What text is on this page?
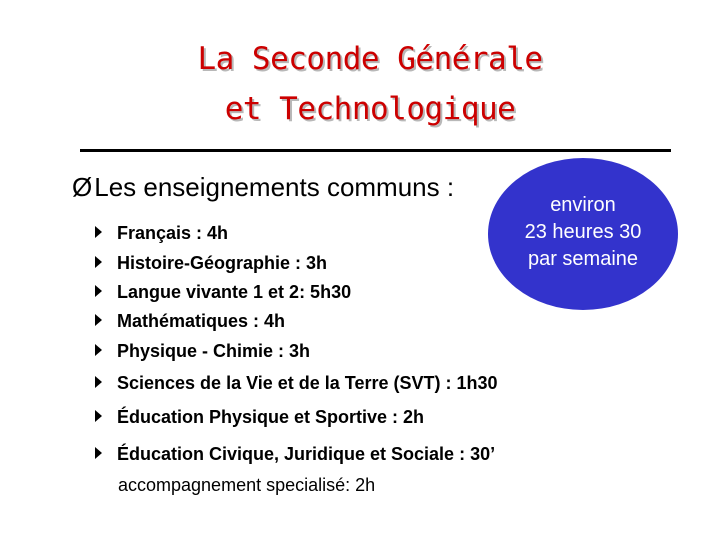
La Seconde Générale
et Technologique
ØLes enseignements communs :
Français : 4h
Histoire-Géographie : 3h
Langue vivante 1 et 2: 5h30
Mathématiques : 4h
Physique - Chimie : 3h
Sciences de la Vie et de la Terre (SVT) : 1h30
Éducation Physique et Sportive : 2h
Éducation Civique, Juridique et Sociale : 30’
accompagnement specialisé: 2h
environ
23 heures 30
par semaine
